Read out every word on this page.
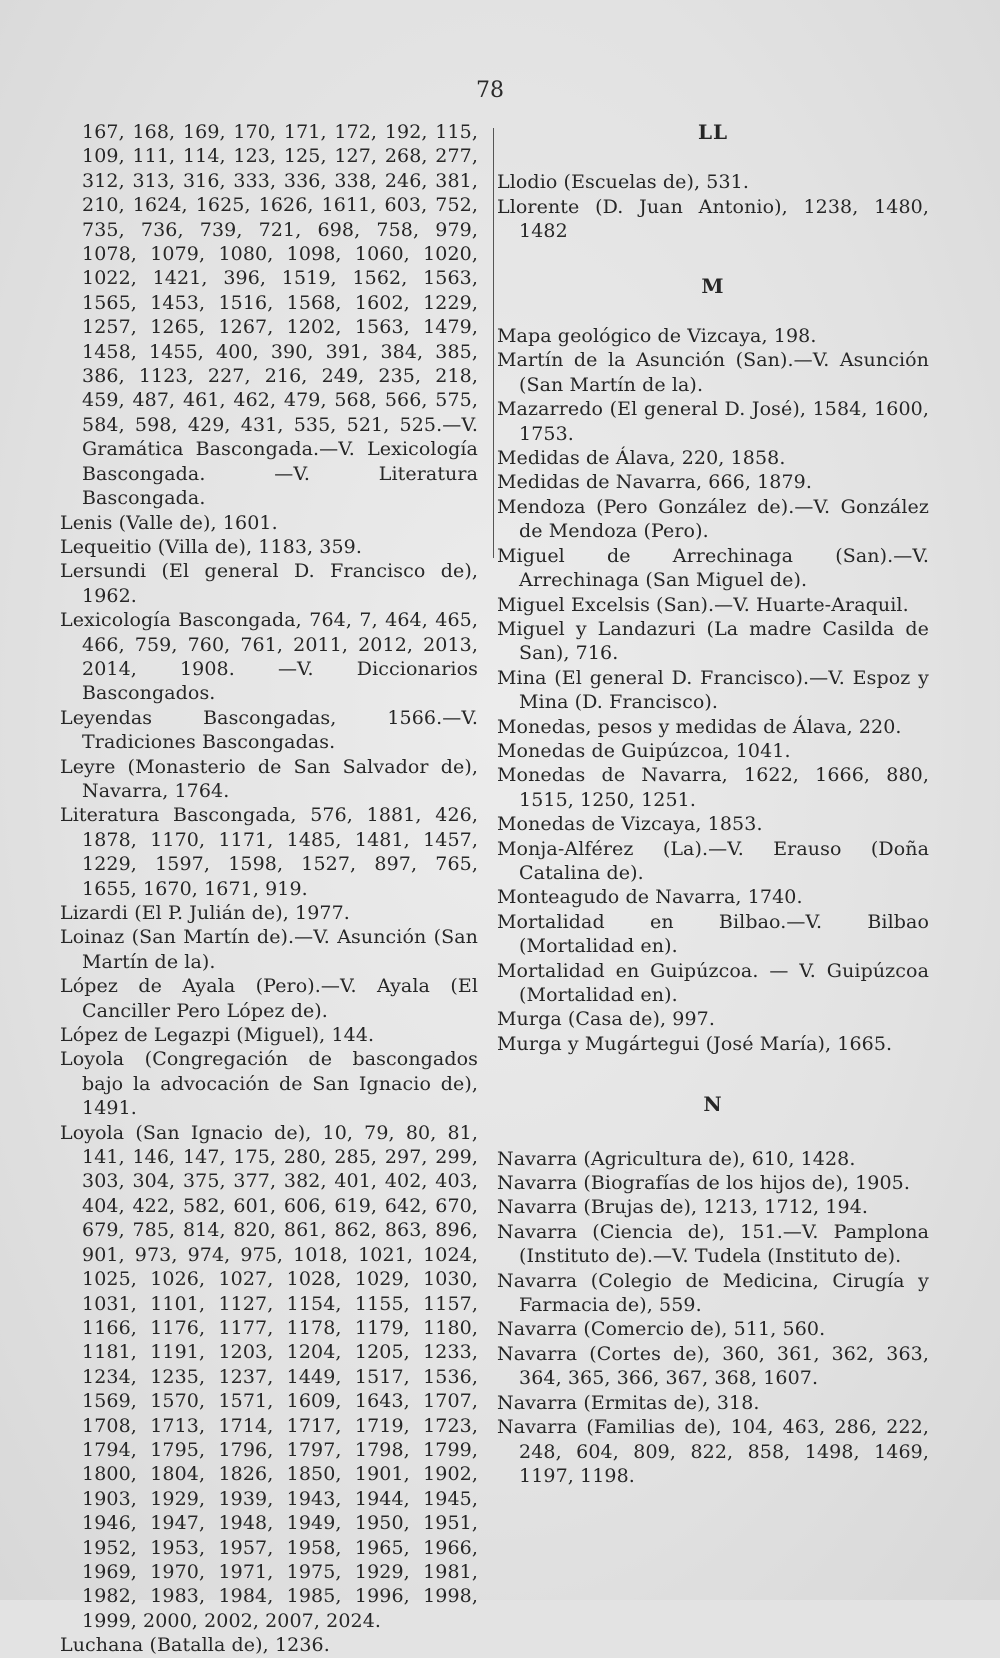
78

167, 168, 169, 170, 171, 172, 192, 115, 109, 111, 114, 123, 125, 127, 268, 277, 312, 313, 316, 333, 336, 338, 246, 381, 210, 1624, 1625, 1626, 1611, 603, 752, 735, 736, 739, 721, 698, 758, 979, 1078, 1079, 1080, 1098, 1060, 1020, 1022, 1421, 396, 1519, 1562, 1563, 1565, 1453, 1516, 1568, 1602, 1229, 1257, 1265, 1267, 1202, 1563, 1479, 1458, 1455, 400, 390, 391, 384, 385, 386, 1123, 227, 216, 249, 235, 218, 459, 487, 461, 462, 479, 568, 566, 575, 584, 598, 429, 431, 535, 521, 525.—V. Gramática Bascongada.—V. Lexicología Bascongada. —V. Literatura Bascongada.

Lenis (Valle de), 1601.

Lequeitio (Villa de), 1183, 359.

Lersundi (El general D. Francisco de), 1962.

Lexicología Bascongada, 764, 7, 464, 465, 466, 759, 760, 761, 2011, 2012, 2013, 2014, 1908. —V. Diccionarios Bascongados.

Leyendas Bascongadas, 1566.—V. Tradiciones Bascongadas.

Leyre (Monasterio de San Salvador de), Navarra, 1764.

Literatura Bascongada, 576, 1881, 426, 1878, 1170, 1171, 1485, 1481, 1457, 1229, 1597, 1598, 1527, 897, 765, 1655, 1670, 1671, 919.

Lizardi (El P. Julián de), 1977.

Loinaz (San Martín de).—V. Asunción (San Martín de la).

López de Ayala (Pero).—V. Ayala (El Canciller Pero López de).

López de Legazpi (Miguel), 144.

Loyola (Congregación de bascongados bajo la advocación de San Ignacio de), 1491.

Loyola (San Ignacio de), 10, 79, 80, 81, 141, 146, 147, 175, 280, 285, 297, 299, 303, 304, 375, 377, 382, 401, 402, 403, 404, 422, 582, 601, 606, 619, 642, 670, 679, 785, 814, 820, 861, 862, 863, 896, 901, 973, 974, 975, 1018, 1021, 1024, 1025, 1026, 1027, 1028, 1029, 1030, 1031, 1101, 1127, 1154, 1155, 1157, 1166, 1176, 1177, 1178, 1179, 1180, 1181, 1191, 1203, 1204, 1205, 1233, 1234, 1235, 1237, 1449, 1517, 1536, 1569, 1570, 1571, 1609, 1643, 1707, 1708, 1713, 1714, 1717, 1719, 1723, 1794, 1795, 1796, 1797, 1798, 1799, 1800, 1804, 1826, 1850, 1901, 1902, 1903, 1929, 1939, 1943, 1944, 1945, 1946, 1947, 1948, 1949, 1950, 1951, 1952, 1953, 1957, 1958, 1965, 1966, 1969, 1970, 1971, 1975, 1929, 1981, 1982, 1983, 1984, 1985, 1996, 1998, 1999, 2000, 2002, 2007, 2024.

Luchana (Batalla de), 1236.

LL

Llodio (Escuelas de), 531.

Llorente (D. Juan Antonio), 1238, 1480, 1482

M

Mapa geológico de Vizcaya, 198.

Martín de la Asunción (San).—V. Asunción (San Martín de la).

Mazarredo (El general D. José), 1584, 1600, 1753.

Medidas de Álava, 220, 1858.

Medidas de Navarra, 666, 1879.

Mendoza (Pero González de).—V. González de Mendoza (Pero).

Miguel de Arrechinaga (San).—V. Arrechinaga (San Miguel de).

Miguel Excelsis (San).—V. Huarte-Araquil.

Miguel y Landazuri (La madre Casilda de San), 716.

Mina (El general D. Francisco).—V. Espoz y Mina (D. Francisco).

Monedas, pesos y medidas de Álava, 220.

Monedas de Guipúzcoa, 1041.

Monedas de Navarra, 1622, 1666, 880, 1515, 1250, 1251.

Monedas de Vizcaya, 1853.

Monja-Alférez (La).—V. Erauso (Doña Catalina de).

Monteagudo de Navarra, 1740.

Mortalidad en Bilbao.—V. Bilbao (Mortalidad en).

Mortalidad en Guipúzcoa. — V. Guipúzcoa (Mortalidad en).

Murga (Casa de), 997.

Murga y Mugártegui (José María), 1665.

N

Navarra (Agricultura de), 610, 1428.

Navarra (Biografías de los hijos de), 1905.

Navarra (Brujas de), 1213, 1712, 194.

Navarra (Ciencia de), 151.—V. Pamplona (Instituto de).—V. Tudela (Instituto de).

Navarra (Colegio de Medicina, Cirugía y Farmacia de), 559.

Navarra (Comercio de), 511, 560.

Navarra (Cortes de), 360, 361, 362, 363, 364, 365, 366, 367, 368, 1607.

Navarra (Ermitas de), 318.

Navarra (Familias de), 104, 463, 286, 222, 248, 604, 809, 822, 858, 1498, 1469, 1197, 1198.
